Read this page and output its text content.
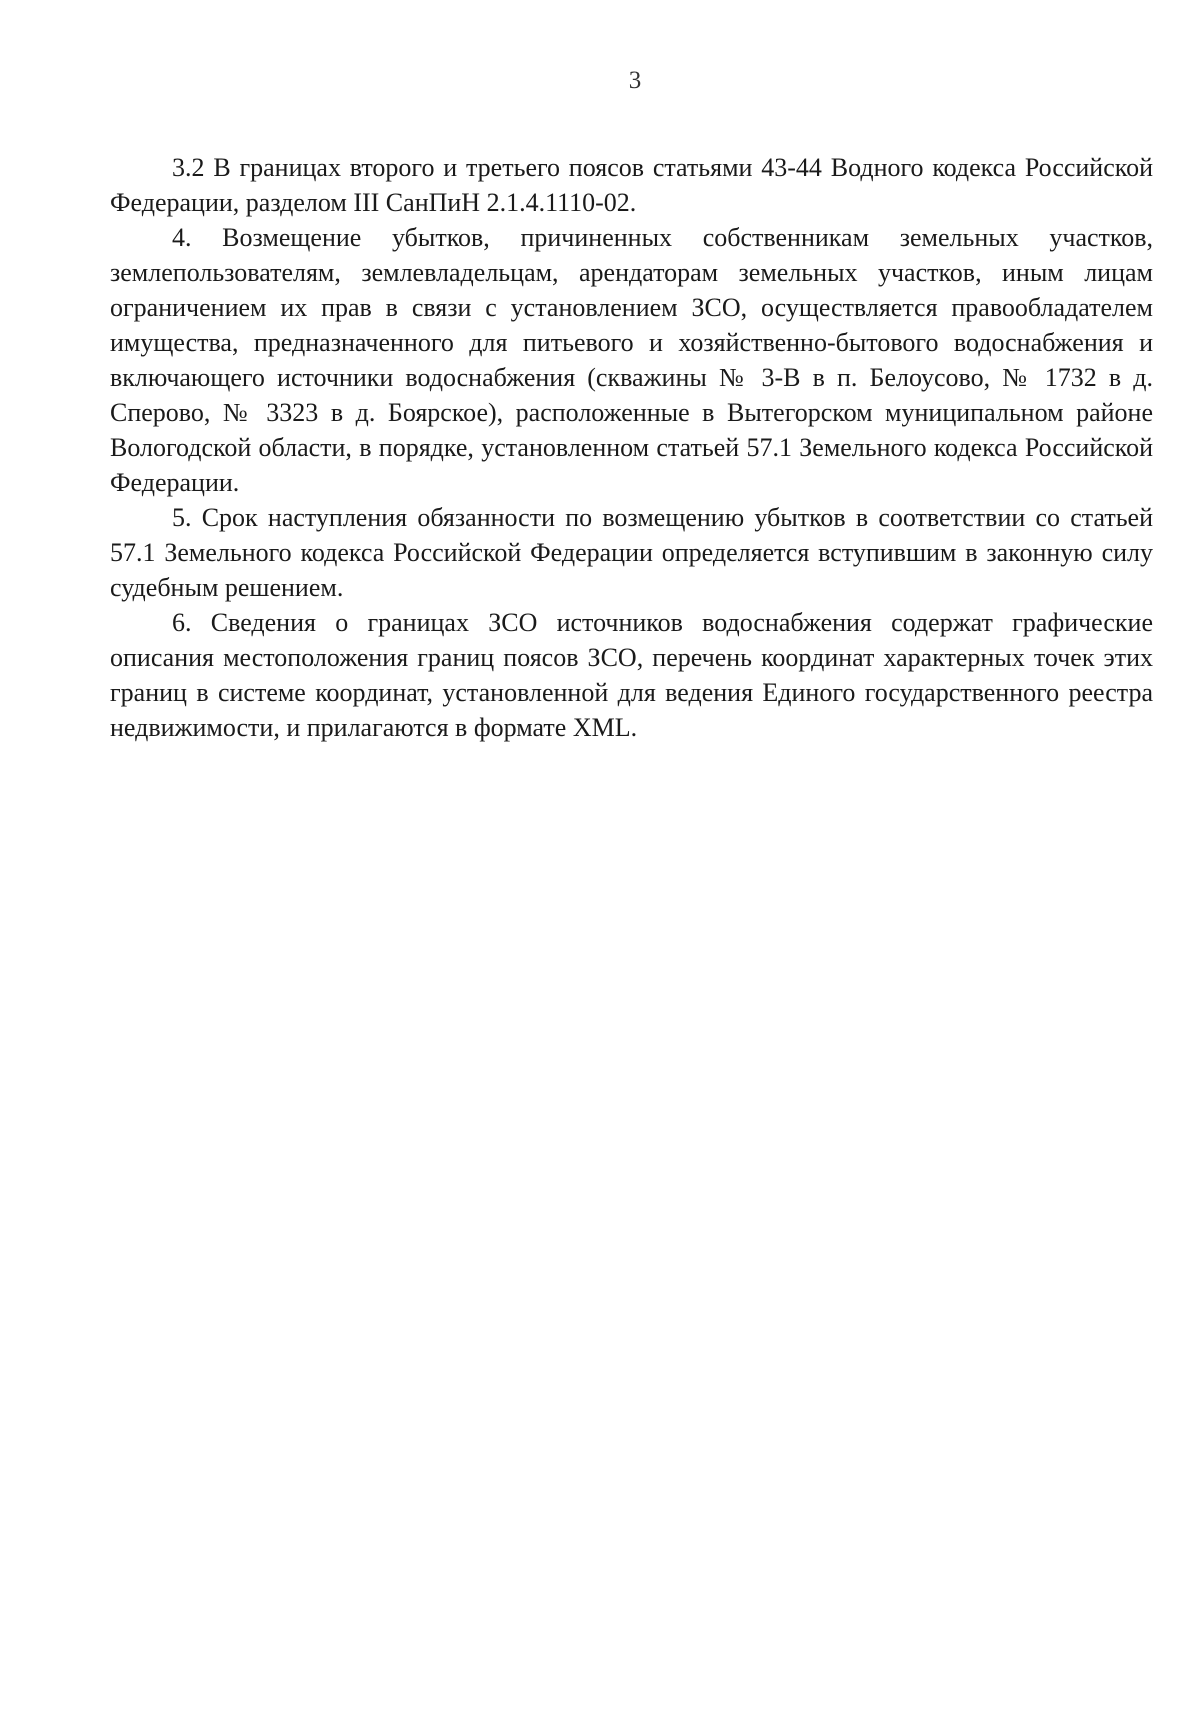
3

3.2 В границах второго и третьего поясов статьями 43-44 Водного кодекса Российской Федерации, разделом III СанПиН 2.1.4.1110-02.

4. Возмещение убытков, причиненных собственникам земельных участков, землепользователям, землевладельцам, арендаторам земельных участков, иным лицам ограничением их прав в связи с установлением ЗСО, осуществляется правообладателем имущества, предназначенного для питьевого и хозяйственно-бытового водоснабжения и включающего источники водоснабжения (скважины № 3-В в п. Белоусово, № 1732 в д. Сперово, № 3323 в д. Боярское), расположенные в Вытегорском муниципальном районе Вологодской области, в порядке, установленном статьей 57.1 Земельного кодекса Российской Федерации.

5. Срок наступления обязанности по возмещению убытков в соответствии со статьей 57.1 Земельного кодекса Российской Федерации определяется вступившим в законную силу судебным решением.

6. Сведения о границах ЗСО источников водоснабжения содержат графические описания местоположения границ поясов ЗСО, перечень координат характерных точек этих границ в системе координат, установленной для ведения Единого государственного реестра недвижимости, и прилагаются в формате XML.
